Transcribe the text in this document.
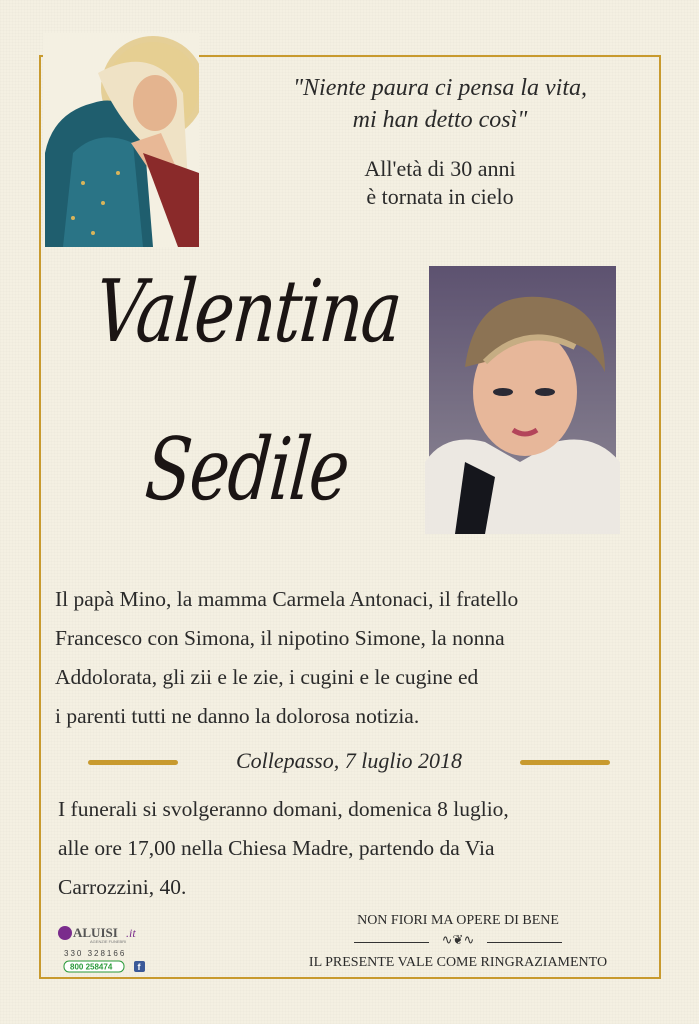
"Niente paura ci pensa la vita,
mi han detto così"
All'età di 30 anni
è tornata in cielo
Valentina
Sedile
Il papà Mino, la mamma Carmela Antonaci, il fratello
Francesco con Simona, il nipotino Simone, la nonna
Addolorata, gli zii e le zie, i cugini e le cugine ed
i parenti tutti ne danno la dolorosa notizia.
Collepasso, 7 luglio 2018
I funerali si svolgeranno domani, domenica 8 luglio,
alle ore 17,00 nella Chiesa Madre, partendo da Via
Carrozzini, 40.
ALUISI .it
AGENZIE FUNEBRI
330 328166
800 258474	f
NON FIORI MA OPERE DI BENE
∿❦∿
IL PRESENTE VALE COME RINGRAZIAMENTO
